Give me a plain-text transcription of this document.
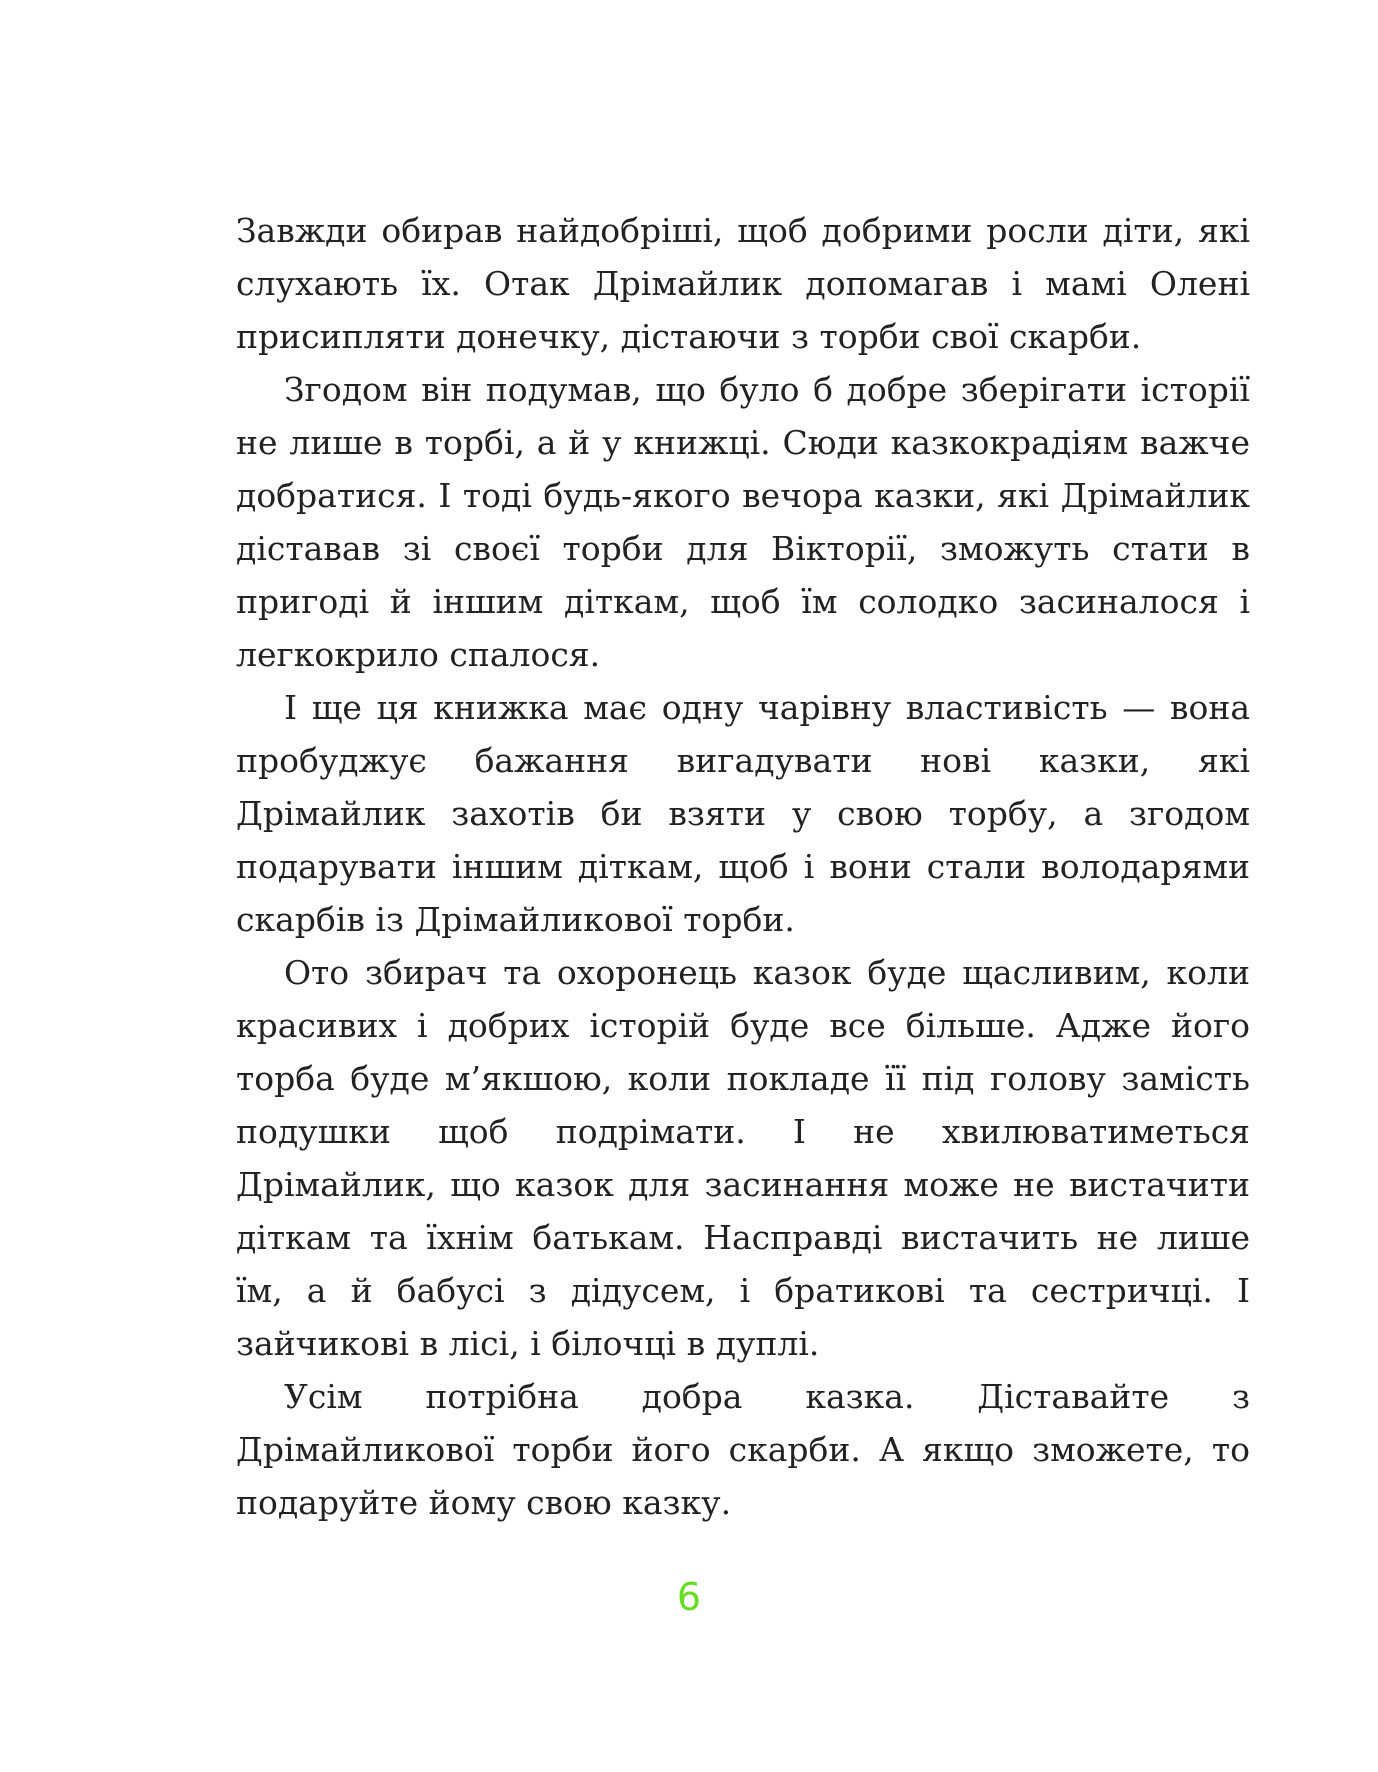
Завжди обирав найдобріші, щоб добрими росли діти, які слухають їх. Отак Дрімайлик допомагав і мамі Олені присипляти донечку, дістаючи з торби свої скарби.

Згодом він подумав, що було б добре зберігати історії не лише в торбі, а й у книжці. Сюди казкокрадіям важче добратися. І тоді будь-якого вечора казки, які Дрімайлик діставав зі своєї торби для Вікторії, зможуть стати в пригоді й іншим діткам, щоб їм солодко засиналося і легкокрило спалося.

І ще ця книжка має одну чарівну властивість — вона пробуджує бажання вигадувати нові казки, які Дрімайлик захотів би взяти у свою торбу, а згодом подарувати іншим діткам, щоб і вони стали володарями скарбів із Дрімайликової торби.

Ото збирач та охоронець казок буде щасливим, коли красивих і добрих історій буде все більше. Адже його торба буде м’якшою, коли покладе її під голову замість подушки щоб подрімати. І не хвилюватиметься Дрімайлик, що казок для засинання може не вистачити діткам та їхнім батькам. Насправді вистачить не лише їм, а й бабусі з дідусем, і братикові та сестричці. І зайчикові в лісі, і білочці в дуплі.

Усім потрібна добра казка. Діставайте з Дрімайликової торби його скарби. А якщо зможете, то подаруйте йому свою казку.

6
